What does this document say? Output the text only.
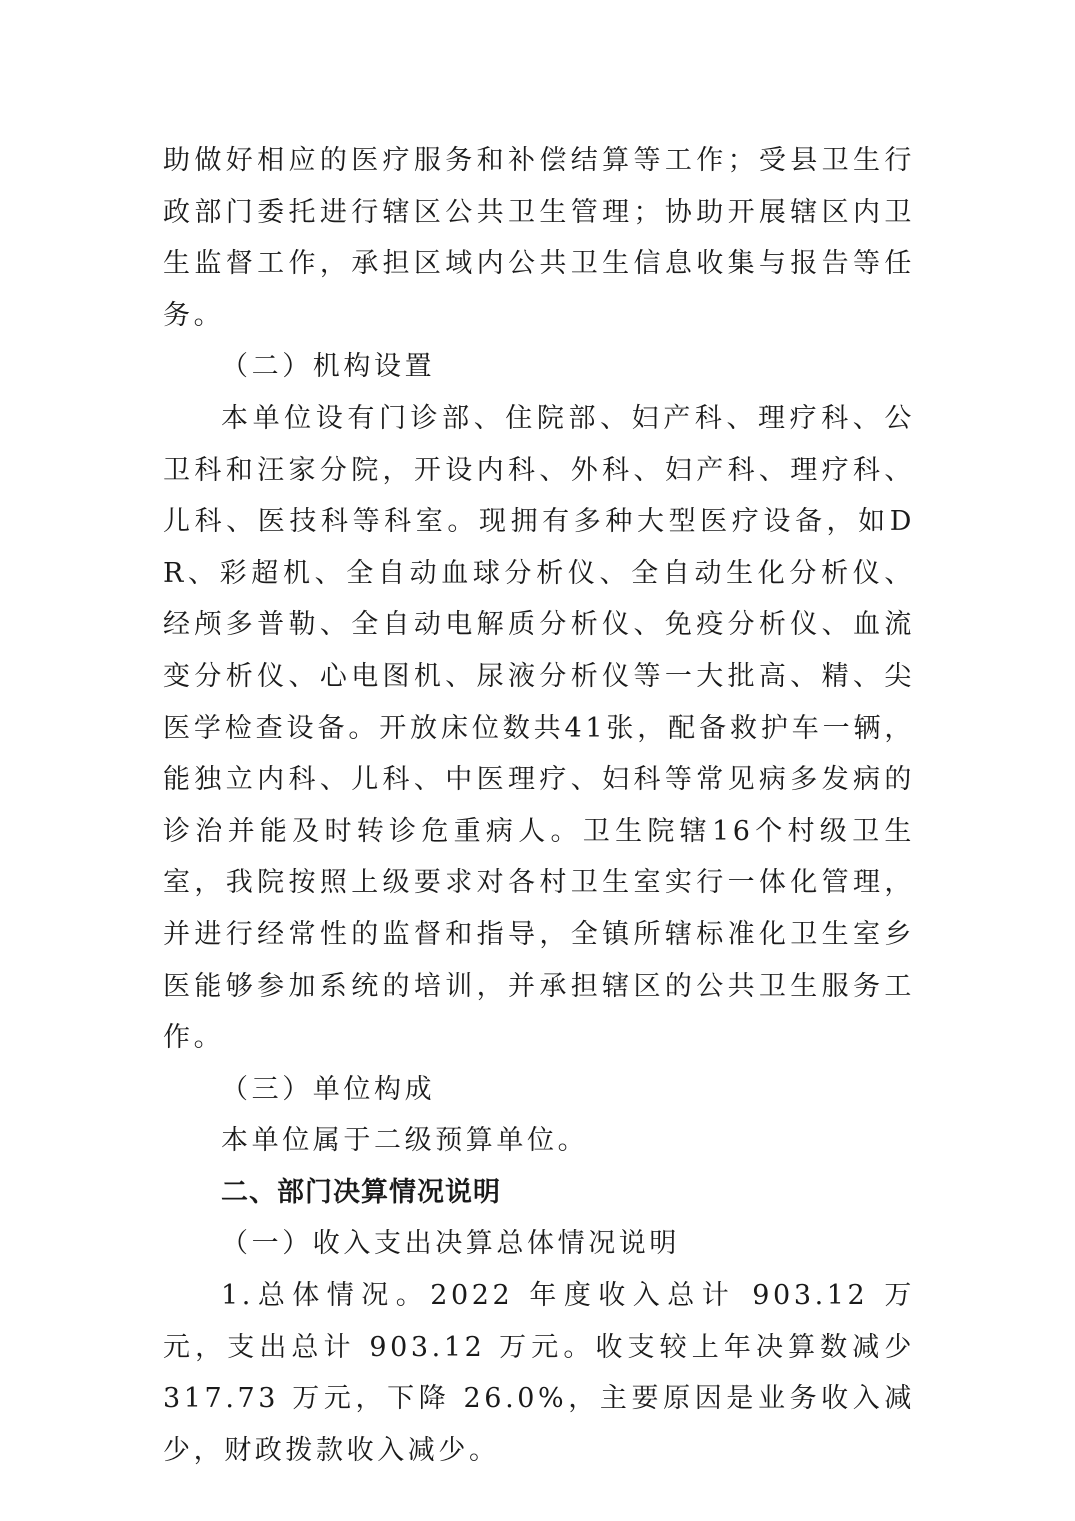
助做好相应的医疗服务和补偿结算等工作；受县卫生行政部门委托进行辖区公共卫生管理；协助开展辖区内卫生监督工作，承担区域内公共卫生信息收集与报告等任务。

（二）机构设置

本单位设有门诊部、住院部、妇产科、理疗科、公卫科和汪家分院，开设内科、外科、妇产科、理疗科、儿科、医技科等科室。现拥有多种大型医疗设备，如DR、彩超机、全自动血球分析仪、全自动生化分析仪、经颅多普勒、全自动电解质分析仪、免疫分析仪、血流变分析仪、心电图机、尿液分析仪等一大批高、精、尖医学检查设备。开放床位数共41张，配备救护车一辆，能独立内科、儿科、中医理疗、妇科等常见病多发病的诊治并能及时转诊危重病人。卫生院辖16个村级卫生室，我院按照上级要求对各村卫生室实行一体化管理，并进行经常性的监督和指导，全镇所辖标准化卫生室乡医能够参加系统的培训，并承担辖区的公共卫生服务工作。

（三）单位构成

本单位属于二级预算单位。

二、部门决算情况说明

（一）收入支出决算总体情况说明

1.总体情况。2022 年度收入总计 903.12 万元，支出总计 903.12 万元。收支较上年决算数减少 317.73 万元，下降 26.0%，主要原因是业务收入减少，财政拨款收入减少。
